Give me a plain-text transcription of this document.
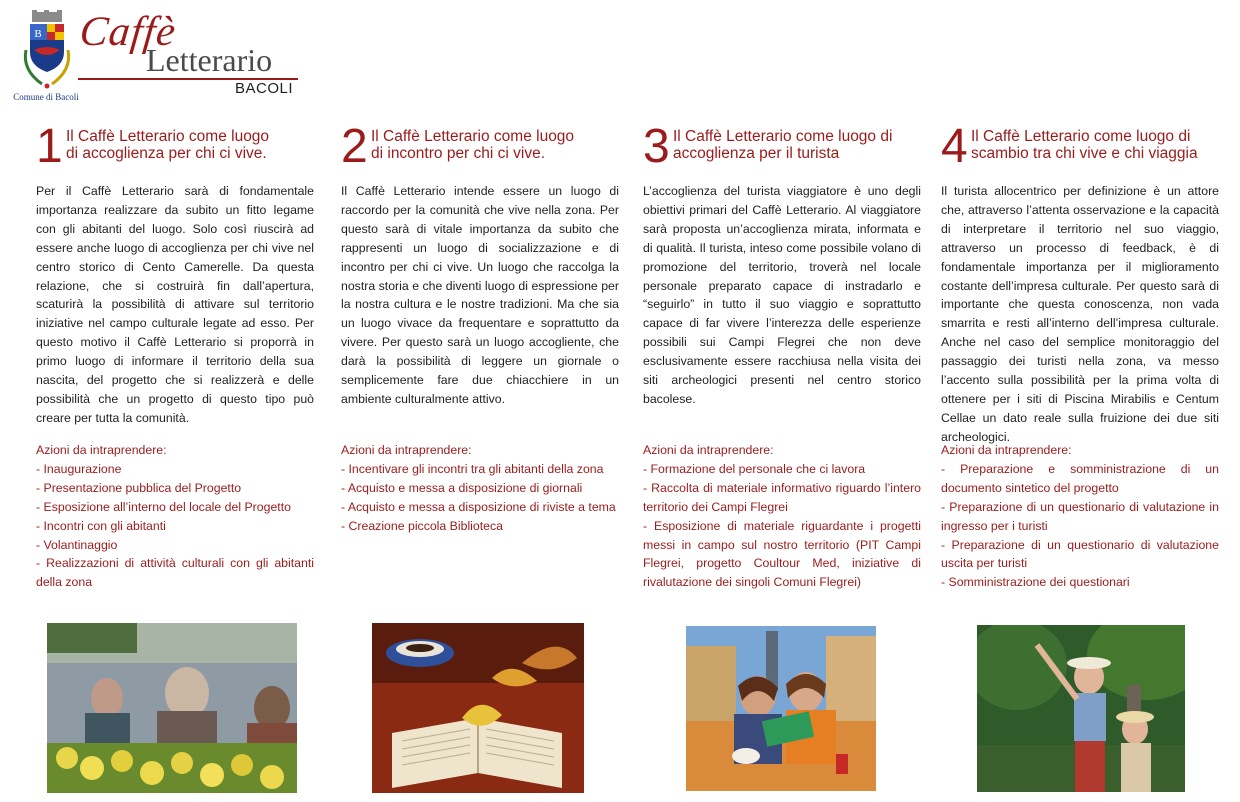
B
Comune di Bacoli
Caffè
Letterario
BACOLI
1 Il Caffè Letterario come luogo
di accoglienza per chi ci vive.

Per il Caffè Letterario sarà di fondamentale importanza realizzare da subito un fitto legame con gli abitanti del luogo. Solo così riuscirà ad essere anche luogo di accoglienza per chi vive nel centro storico di Cento Camerelle. Da questa relazione, che si costruirà fin dall’apertura, scaturirà la possibilità di attivare sul territorio iniziative nel campo culturale legate ad esso. Per questo motivo il Caffè Letterario si proporrà in primo luogo di informare il territorio della sua nascita, del progetto che si realizzerà e delle possibilità che un progetto di questo tipo può creare per tutta la comunità.

Azioni da intraprendere:
- Inaugurazione
- Presentazione pubblica del Progetto
- Esposizione all’interno del locale del Progetto
- Incontri con gli abitanti
- Volantinaggio
- Realizzazioni di attività culturali con gli abitanti della zona
2 Il Caffè Letterario come luogo
di incontro per chi ci vive.

Il Caffè Letterario intende essere un luogo di raccordo per la comunità che vive nella zona. Per questo sarà di vitale importanza da subito che rappresenti un luogo di socializzazione e di incontro per chi ci vive. Un luogo che raccolga la nostra storia e che diventi luogo di espressione per la nostra cultura e le nostre tradizioni. Ma che sia un luogo vivace da frequentare e soprattutto da vivere. Per questo sarà un luogo accogliente, che darà la possibilità di leggere un giornale o semplicemente fare due chiacchiere in un ambiente culturalmente attivo.

Azioni da intraprendere:
- Incentivare gli incontri tra gli abitanti della zona
- Acquisto e messa a disposizione di giornali
- Acquisto e messa a disposizione di riviste a tema
- Creazione piccola Biblioteca
3 Il Caffè Letterario come luogo di
accoglienza per il turista

L’accoglienza del turista viaggiatore è uno degli obiettivi primari del Caffè Letterario. Al viaggiatore sarà proposta un’accoglienza mirata, informata e di qualità. Il turista, inteso come possibile volano di promozione del territorio, troverà nel locale personale preparato capace di instradarlo e “seguirlo” in tutto il suo viaggio e soprattutto capace di far vivere l’interezza delle esperienze possibili sui Campi Flegrei che non deve esclusivamente essere racchiusa nella visita dei siti archeologici presenti nel centro storico bacolese.

Azioni da intraprendere:
- Formazione del personale che ci lavora
- Raccolta di materiale informativo riguardo l’intero territorio dei Campi Flegrei
- Esposizione di materiale riguardante i progetti messi in campo sul nostro territorio (PIT Campi Flegrei, progetto Coultour Med, iniziative di rivalutazione dei singoli Comuni Flegrei)
4 Il Caffè Letterario come luogo di
scambio tra chi vive e chi viaggia

Il turista allocentrico per definizione è un attore che, attraverso l’attenta osservazione e la capacità di interpretare il territorio nel suo viaggio, attraverso un processo di feedback, è di fondamentale importanza per il miglioramento costante dell’impresa culturale. Per questo sarà di importante che questa conoscenza, non vada smarrita e resti all’interno dell’impresa culturale. Anche nel caso del semplice monitoraggio del passaggio dei turisti nella zona, va messo l’accento sulla possibilità per la prima volta di ottenere per i siti di Piscina Mirabilis e Centum Cellae un dato reale sulla fruizione dei due siti archeologici.

Azioni da intraprendere:
- Preparazione e somministrazione di un documento sintetico del progetto
- Preparazione di un questionario di valutazione in ingresso per i turisti
- Preparazione di un questionario di valutazione uscita per turisti
- Somministrazione dei questionari
